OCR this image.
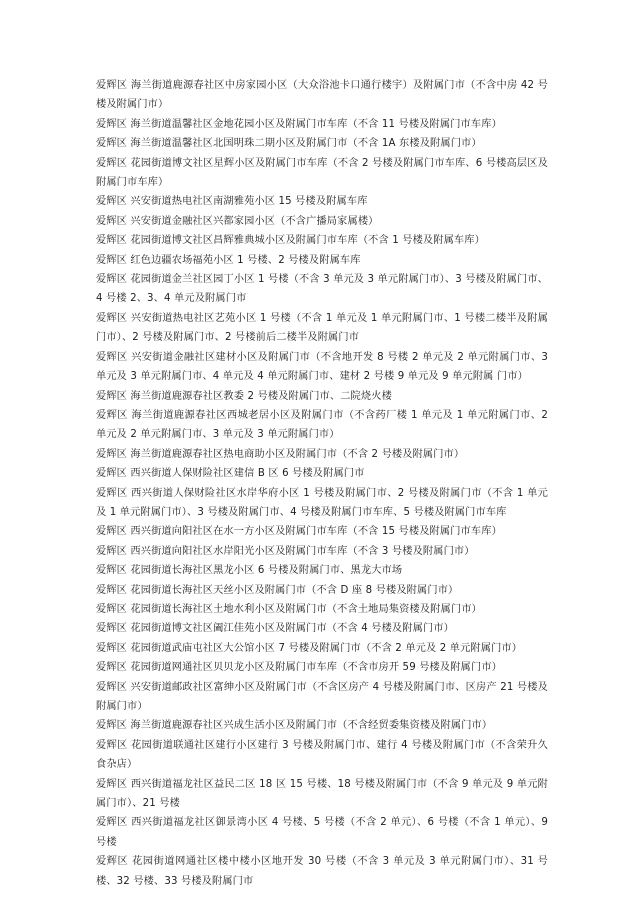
爱辉区 海兰街道鹿源春社区中房家园小区（大众浴池卡口通行楼宇）及附属门市（不含中房 42 号 楼及附属门市）

爱辉区 海兰街道温馨社区金地花园小区及附属门市车库（不含 11 号楼及附属门市车库）

爱辉区 海兰街道温馨社区北国明珠二期小区及附属门市（不含 1A 东楼及附属门市）

爱辉区 花园街道博文社区星辉小区及附属门市车库（不含 2 号楼及附属门市车库、6 号楼高层区及附属门市车库）

爱辉区 兴安街道热电社区南湖雅苑小区 15 号楼及附属车库

爱辉区 兴安街道金融社区兴都家园小区（不含广播局家属楼）

爱辉区 花园街道博文社区昌辉雅典城小区及附属门市车库（不含 1 号楼及附属车库）

爱辉区 红色边疆农场福苑小区 1 号楼、2 号楼及附属车库

爱辉区 花园街道金兰社区园丁小区 1 号楼（不含 3 单元及 3 单元附属门市）、3 号楼及附属门市、4 号楼 2、3、4 单元及附属门市

爱辉区 兴安街道热电社区艺苑小区 1 号楼（不含 1 单元及 1 单元附属门市、1 号楼二楼半及附属门市）、2 号楼及附属门市、2 号楼前后二楼半及附属门市

爱辉区 兴安街道金融社区建材小区及附属门市（不含地开发 8 号楼 2 单元及 2 单元附属门市、3 单元及 3 单元附属门市、4 单元及 4 单元附属门市、建材 2 号楼 9 单元及 9 单元附属 门市）

爱辉区 海兰街道鹿源春社区教委 2 号楼及附属门市、二院烧火楼

爱辉区 海兰街道鹿源春社区西城老居小区及附属门市（不含药厂楼 1 单元及 1 单元附属门市、2 单元及 2 单元附属门市、3 单元及 3 单元附属门市）

爱辉区 海兰街道鹿源春社区热电商助小区及附属门市（不含 2 号楼及附属门市）

爱辉区 西兴街道人保财险社区建信 B 区 6 号楼及附属门市

爱辉区 西兴街道人保财险社区水岸华府小区 1 号楼及附属门市、2 号楼及附属门市（不含 1 单元及 1 单元附属门市）、3 号楼及附属门市、4 号楼及附属门市车库、5 号楼及附属门市车库

爱辉区 西兴街道向阳社区在水一方小区及附属门市车库（不含 15 号楼及附属门市车库）

爱辉区 西兴街道向阳社区水岸阳光小区及附属门市车库（不含 3 号楼及附属门市）

爱辉区 花园街道长海社区黑龙小区 6 号楼及附属门市、黑龙大市场

爱辉区 花园街道长海社区天丝小区及附属门市（不含 D 座 8 号楼及附属门市）

爱辉区 花园街道长海社区土地水利小区及附属门市（不含土地局集资楼及附属门市）

爱辉区 花园街道博文社区阖江佳苑小区及附属门市（不含 4 号楼及附属门市）

爱辉区 花园街道武庙屯社区大公馆小区 7 号楼及附属门市（不含 2 单元及 2 单元附属门市）

爱辉区 花园街道网通社区贝贝龙小区及附属门市车库（不含市房开 59 号楼及附属门市）

爱辉区 兴安街道邮政社区富绅小区及附属门市（不含区房产 4 号楼及附属门市、区房产 21 号楼及附属门市）

爱辉区 海兰街道鹿源春社区兴成生活小区及附属门市（不含经贸委集资楼及附属门市）

爱辉区 花园街道联通社区建行小区建行 3 号楼及附属门市、建行 4 号楼及附属门市（不含荣升久食杂店）

爱辉区 西兴街道福龙社区益民二区 18 区 15 号楼、18 号楼及附属门市（不含 9 单元及 9 单元附属门市）、21 号楼

爱辉区 西兴街道福龙社区御景湾小区 4 号楼、5 号楼（不含 2 单元）、6 号楼（不含 1 单元）、9 号楼

爱辉区 花园街道网通社区楼中楼小区地开发 30 号楼（不含 3 单元及 3 单元附属门市）、31 号楼、32 号楼、33 号楼及附属门市
